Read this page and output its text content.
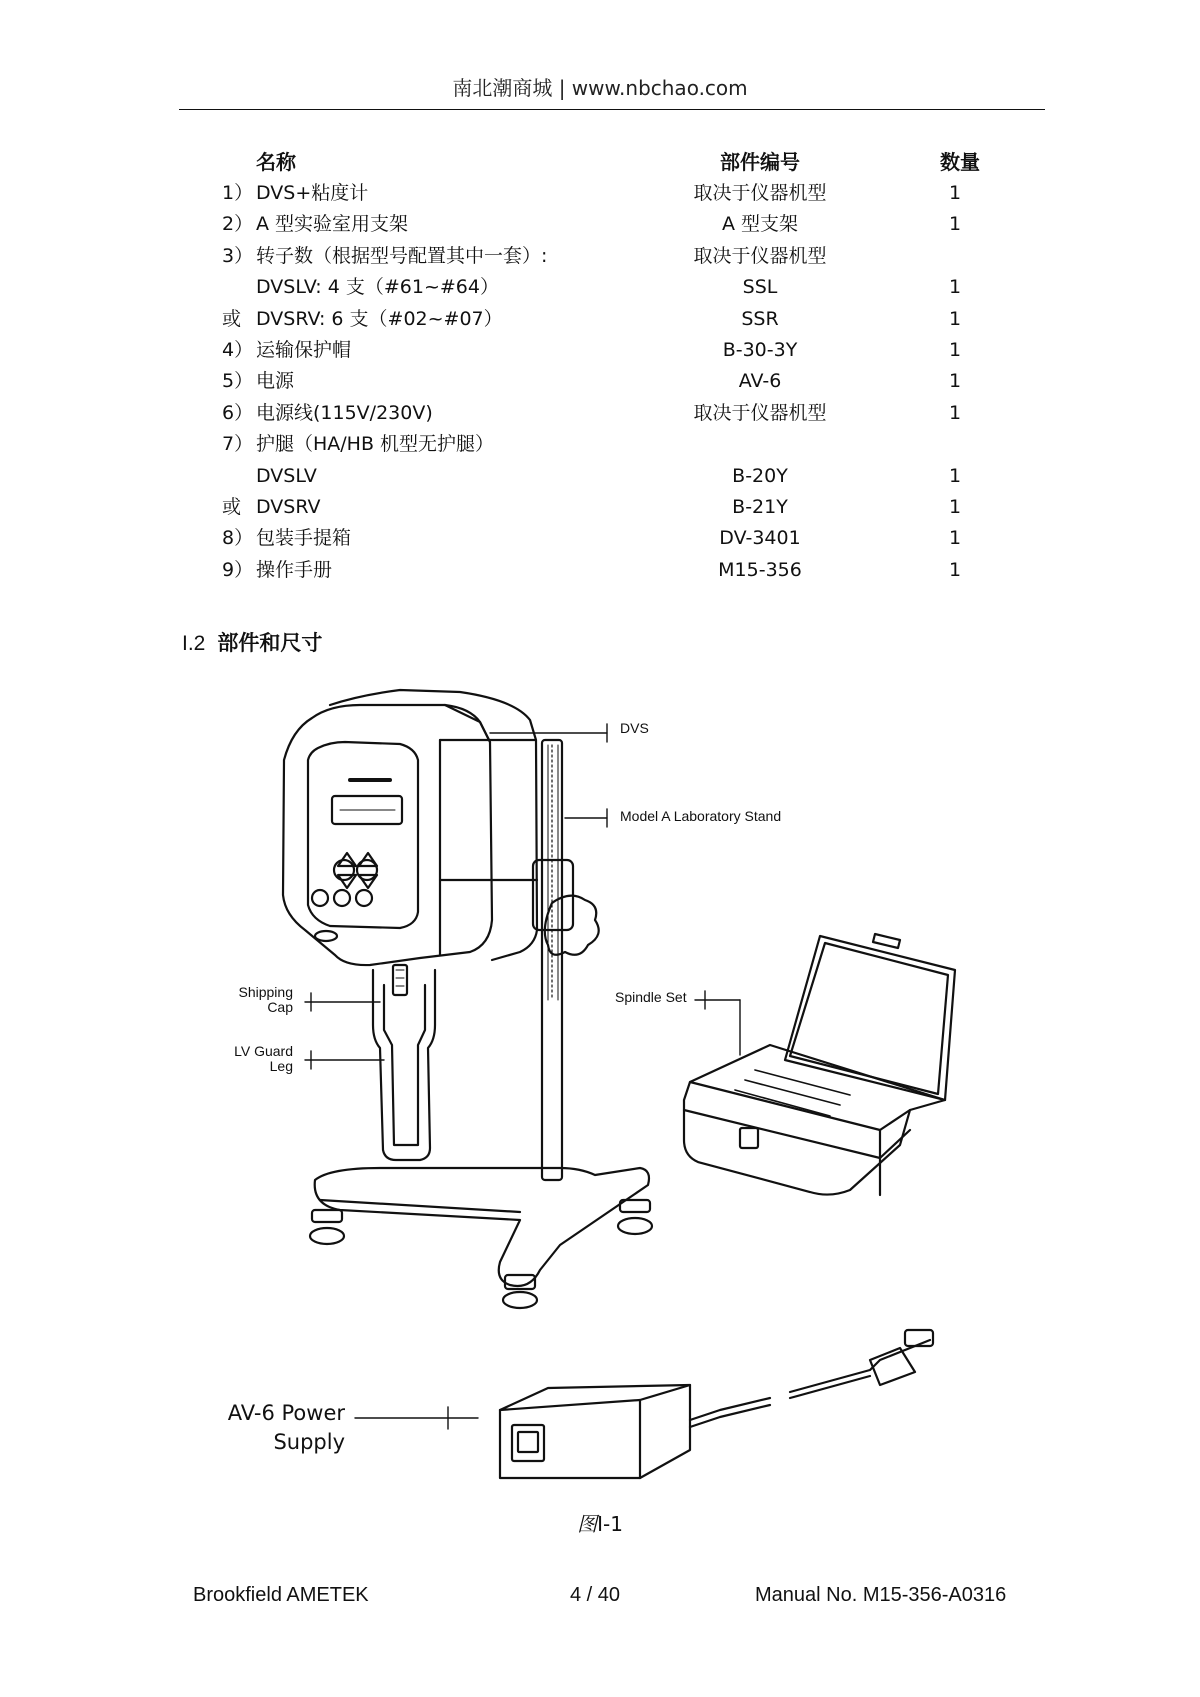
南北潮商城 | www.nbchao.com
名称	部件编号	数量
1） DVS+粘度计	取决于仪器机型	1
2） A 型实验室用支架	A 型支架	1
3） 转子数（根据型号配置其中一套）:	取决于仪器机型
DVSLV: 4 支（#61~#64）	SSL	1
或 DVSRV: 6 支（#02~#07）	SSR	1
4） 运输保护帽	B-30-3Y	1
5） 电源	AV-6	1
6） 电源线(115V/230V)	取决于仪器机型	1
7） 护腿（HA/HB 机型无护腿）
DVSLV	B-20Y	1
或 DVSRV	B-21Y	1
8） 包装手提箱	DV-3401	1
9） 操作手册	M15-356	1
I.2 部件和尺寸
DVS
Model A Laboratory Stand
Shipping
Cap
LV Guard
Leg
Spindle Set
AV-6 Power
Supply
图I-1
Brookfield AMETEK	4 / 40	Manual No. M15-356-A0316
